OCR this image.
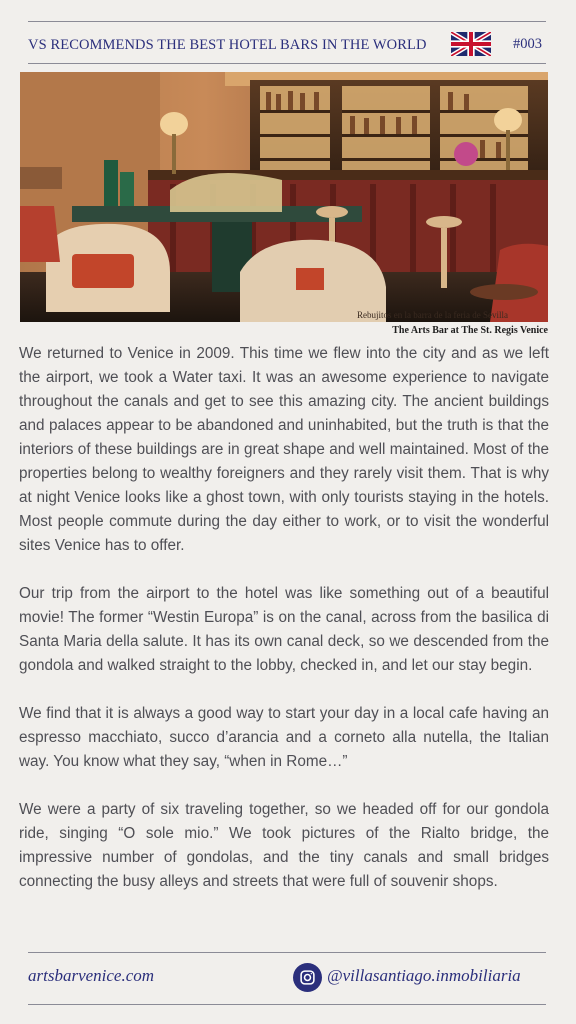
VS RECOMMENDS THE BEST HOTEL BARS IN THE WORLD	#003
Rebujitos en la barra de la feria de Sevilla
The Arts Bar at The St. Regis Venice

We returned to Venice in 2009. This time we flew into the city and as we left the airport, we took a Water taxi. It was an awesome experience to navigate throughout the canals and get to see this amazing city. The ancient buildings and palaces appear to be abandoned and uninhabited, but the truth is that the interiors of these buildings are in great shape and well maintained. Most of the properties belong to wealthy foreigners and they rarely visit them. That is why at night Venice looks like a ghost town, with only tourists staying in the hotels. Most people commute during the day either to work, or to visit the wonderful sites Venice has to offer.

Our trip from the airport to the hotel was like something out of a beautiful movie! The former “Westin Europa” is on the canal, across from the basilica di Santa Maria della salute. It has its own canal deck, so we descended from the gondola and walked straight to the lobby, checked in, and let our stay begin.

We find that it is always a good way to start your day in a local cafe having an espresso macchiato, succo d’arancia and a corneto alla nutella, the Italian way. You know what they say, “when in Rome…”

We were a party of six traveling together, so we headed off for our gondola ride, singing “O sole mio.” We took pictures of the Rialto bridge, the impressive number of gondolas, and the tiny canals and small bridges connecting the busy alleys and streets that were full of souvenir shops.

artsbarvenice.com	@villasantiago.inmobiliaria
